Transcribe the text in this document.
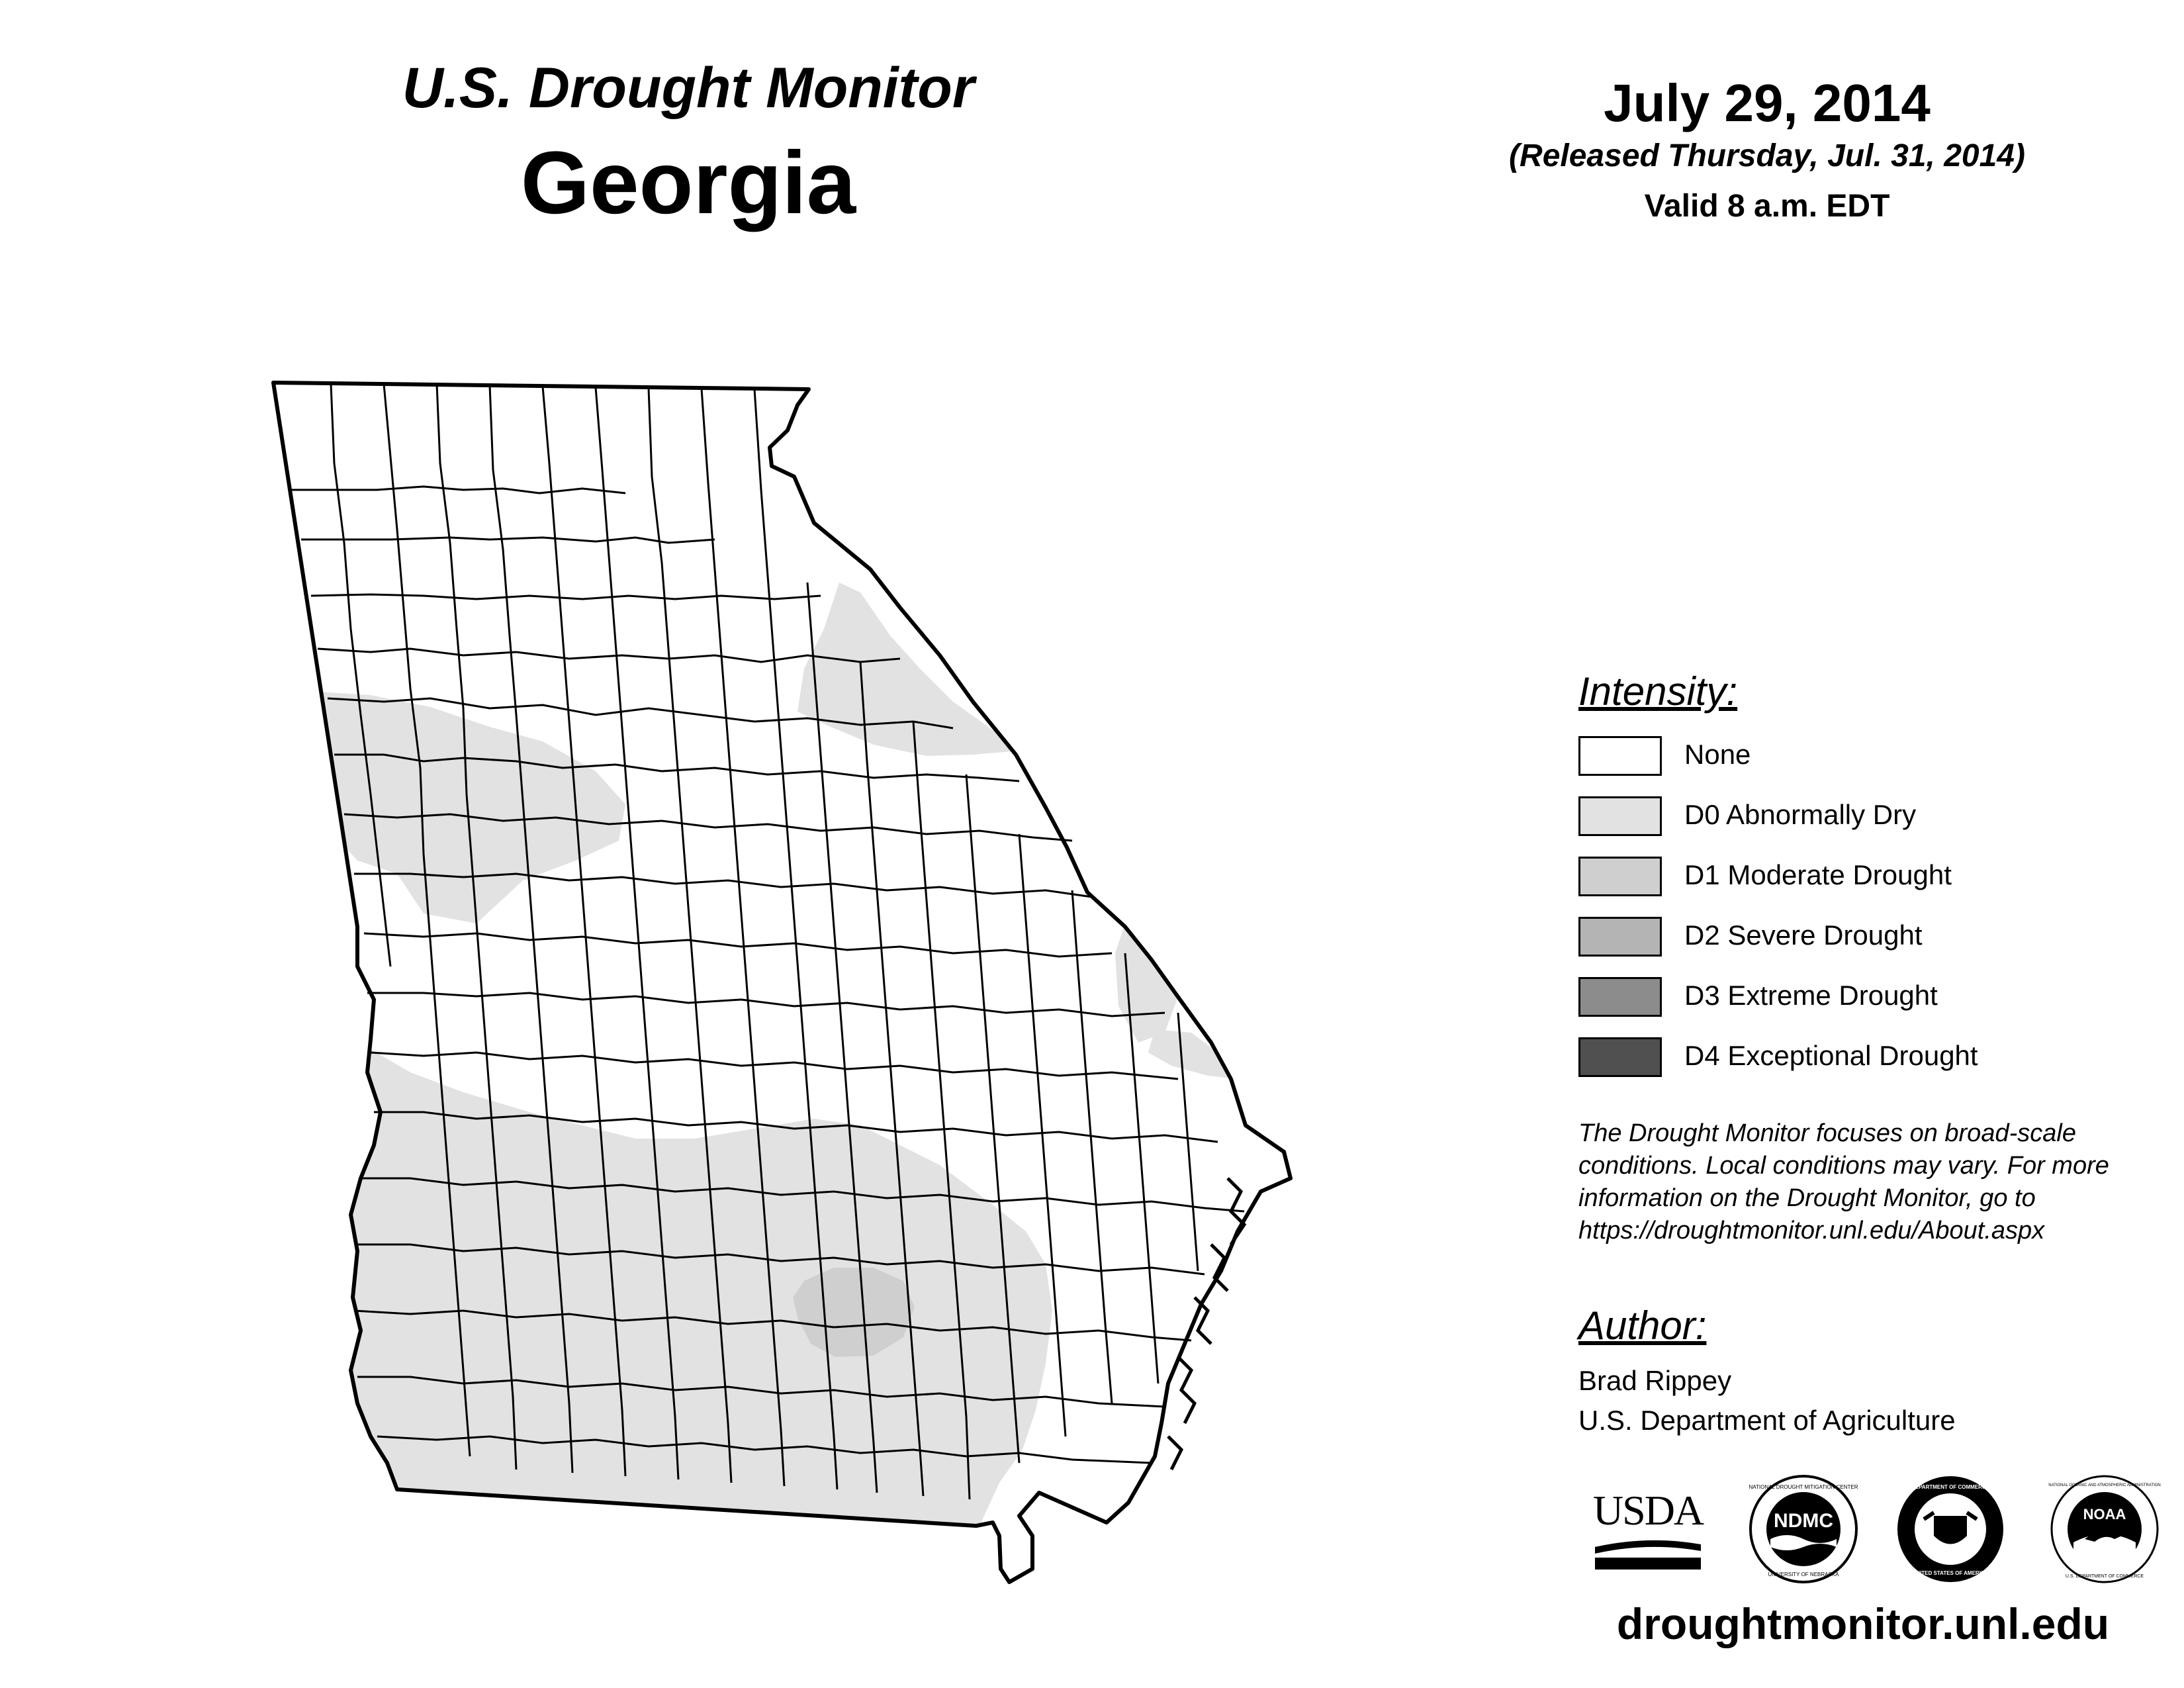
U.S. Drought Monitor
Georgia
July 29, 2014
(Released Thursday, Jul. 31, 2014)
Valid 8 a.m. EDT
Intensity:
None
D0 Abnormally Dry
D1 Moderate Drought
D2 Severe Drought
D3 Extreme Drought
D4 Exceptional Drought
The Drought Monitor focuses on broad-scale
conditions. Local conditions may vary. For more
information on the Drought Monitor, go to
https://droughtmonitor.unl.edu/About.aspx
Author:
Brad Rippey
U.S. Department of Agriculture
USDA	NDMC
NATIONAL DROUGHT MITIGATION CENTER
UNIVERSITY OF NEBRASKA
DEPARTMENT OF COMMERCE
UNITED STATES OF AMERICA
NOAA
NATIONAL OCEANIC AND ATMOSPHERIC ADMINISTRATION
U.S. DEPARTMENT OF COMMERCE
droughtmonitor.unl.edu
